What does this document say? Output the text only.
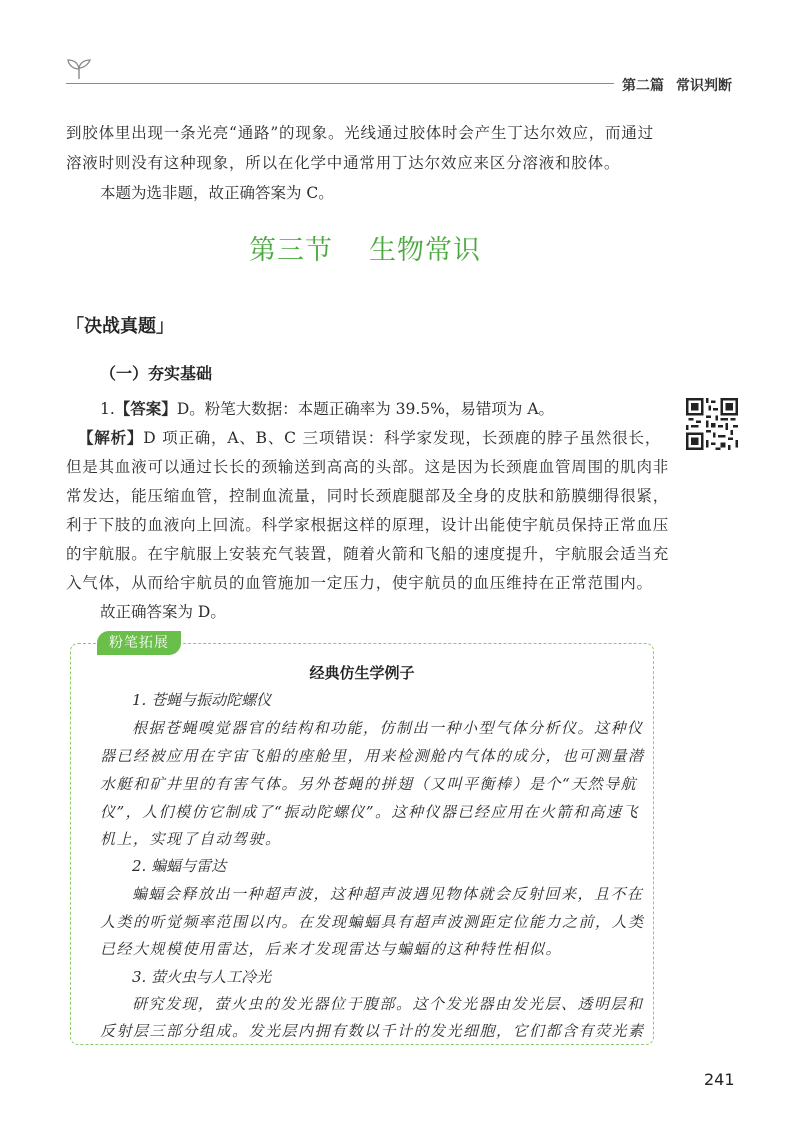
第二篇 常识判断
到胶体里出现一条光亮“通路”的现象。光线通过胶体时会产生丁达尔效应，而通过
溶液时则没有这种现象，所以在化学中通常用丁达尔效应来区分溶液和胶体。
本题为选非题，故正确答案为 C。
第三节 生物常识
「决战真题」
（一）夯实基础
1.【答案】D。粉笔大数据：本题正确率为 39.5%，易错项为 A。
【解析】D 项正确，A、B、C 三项错误：科学家发现，长颈鹿的脖子虽然很长，
但是其血液可以通过长长的颈输送到高高的头部。这是因为长颈鹿血管周围的肌肉非
常发达，能压缩血管，控制血流量，同时长颈鹿腿部及全身的皮肤和筋膜绷得很紧，
利于下肢的血液向上回流。科学家根据这样的原理，设计出能使宇航员保持正常血压
的宇航服。在宇航服上安装充气装置，随着火箭和飞船的速度提升，宇航服会适当充
入气体，从而给宇航员的血管施加一定压力，使宇航员的血压维持在正常范围内。
故正确答案为 D。
粉笔拓展
经典仿生学例子
1. 苍蝇与振动陀螺仪
根据苍蝇嗅觉器官的结构和功能，仿制出一种小型气体分析仪。这种仪
器已经被应用在宇宙飞船的座舱里，用来检测舱内气体的成分，也可测量潜
水艇和矿井里的有害气体。另外苍蝇的拼翅（又叫平衡棒）是个“天然导航
仪”，人们模仿它制成了“振动陀螺仪”。这种仪器已经应用在火箭和高速飞
机上，实现了自动驾驶。
2. 蝙蝠与雷达
蝙蝠会释放出一种超声波，这种超声波遇见物体就会反射回来，且不在
人类的听觉频率范围以内。在发现蝙蝠具有超声波测距定位能力之前，人类
已经大规模使用雷达，后来才发现雷达与蝙蝠的这种特性相似。
3. 萤火虫与人工冷光
研究发现，萤火虫的发光器位于腹部。这个发光器由发光层、透明层和
反射层三部分组成。发光层内拥有数以千计的发光细胞，它们都含有荧光素
241
